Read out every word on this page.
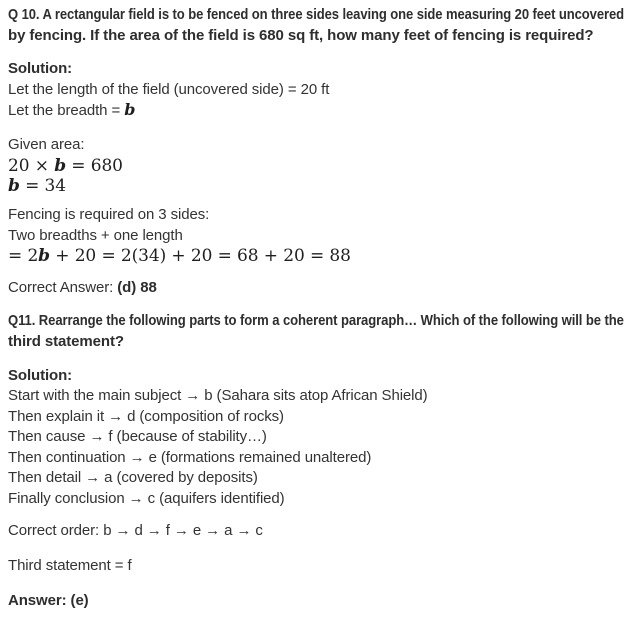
Q 10. A rectangular field is to be fenced on three sides leaving one side measuring 20 feet uncovered

by fencing. If the area of the field is 680 sq ft, how many feet of fencing is required?

Solution:

Let the length of the field (uncovered side) = 20 ft

Let the breadth = b

Given area:

20 × b = 680

b = 34

Fencing is required on 3 sides:

Two breadths + one length

= 2b + 20 = 2(34) + 20 = 68 + 20 = 88

Correct Answer: (d) 88

Q11. Rearrange the following parts to form a coherent paragraph… Which of the following will be the

third statement?

Solution:

Start with the main subject → b (Sahara sits atop African Shield)

Then explain it → d (composition of rocks)

Then cause → f (because of stability…)

Then continuation → e (formations remained unaltered)

Then detail → a (covered by deposits)

Finally conclusion → c (aquifers identified)

Correct order: b → d → f → e → a → c

Third statement = f

Answer: (e)
